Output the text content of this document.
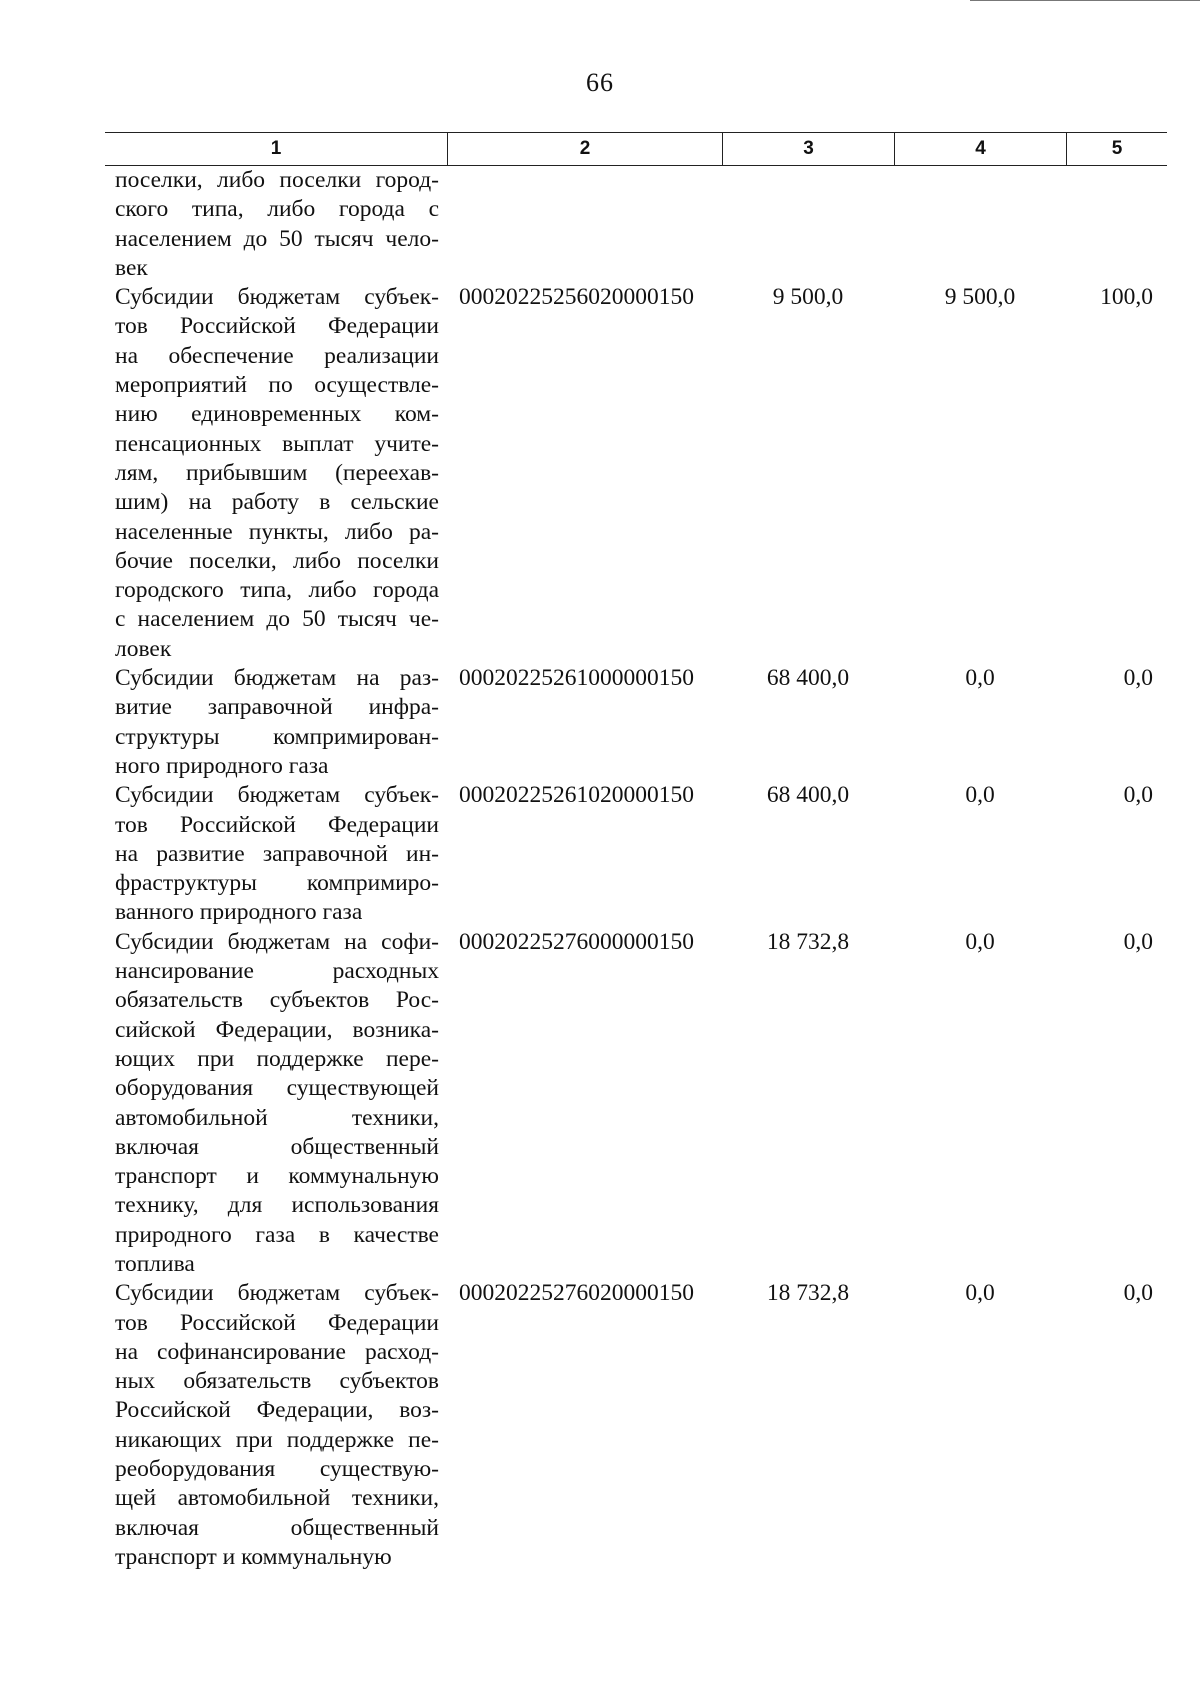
66
1	2	3	4	5
поселки, либо поселки город-
ского типа, либо города с
населением до 50 тысяч чело-
век
Субсидии бюджетам субъек-
тов Российской Федерации
на обеспечение реализации
мероприятий по осуществле-
нию единовременных ком-
пенсационных выплат учите-
лям, прибывшим (переехав-
шим) на работу в сельские
населенные пункты, либо ра-
бочие поселки, либо поселки
городского типа, либо города
с населением до 50 тысяч че-
ловек
00020225256020000150	9 500,0	9 500,0	100,0
Субсидии бюджетам на раз-
витие заправочной инфра-
структуры компримирован-
ного природного газа
00020225261000000150	68 400,0	0,0	0,0
Субсидии бюджетам субъек-
тов Российской Федерации
на развитие заправочной ин-
фраструктуры компримиро-
ванного природного газа
00020225261020000150	68 400,0	0,0	0,0
Субсидии бюджетам на софи-
нансирование расходных
обязательств субъектов Рос-
сийской Федерации, возника-
ющих при поддержке пере-
оборудования существующей
автомобильной техники,
включая общественный
транспорт и коммунальную
технику, для использования
природного газа в качестве
топлива
00020225276000000150	18 732,8	0,0	0,0
Субсидии бюджетам субъек-
тов Российской Федерации
на софинансирование расход-
ных обязательств субъектов
Российской Федерации, воз-
никающих при поддержке пе-
реоборудования существую-
щей автомобильной техники,
включая общественный
транспорт и коммунальную
00020225276020000150	18 732,8	0,0	0,0
